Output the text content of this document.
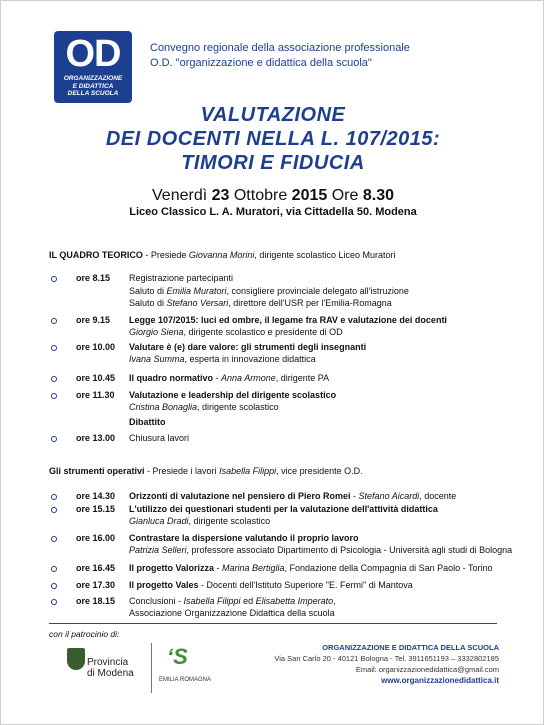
OD
ORGANIZZAZIONE
E DIDATTICA
DELLA SCUOLA
Convegno regionale della associazione professionale
O.D. "organizzazione e didattica della scuola"
VALUTAZIONE
DEI DOCENTI NELLA L. 107/2015:
TIMORI E FIDUCIA
Venerdì 23 Ottobre 2015 Ore 8.30
Liceo Classico L. A. Muratori, via Cittadella 50. Modena
IL QUADRO TEORICO - Presiede Giovanna Morini, dirigente scolastico Liceo Muratori
ore 8.15 Registrazione partecipanti
Saluto di Emilia Muratori, consigliere provinciale delegato all'istruzione
Saluto di Stefano Versari, direttore dell'USR per l'Emilia-Romagna
ore 9.15 Legge 107/2015: luci ed ombre, il legame fra RAV e valutazione dei docenti
Giorgio Siena, dirigente scolastico e presidente di OD
ore 10.00 Valutare è (e) dare valore: gli strumenti degli insegnanti
Ivana Summa, esperta in innovazione didattica
ore 10.45 Il quadro normativo - Anna Armone, dirigente PA
ore 11.30 Valutazione e leadership del dirigente scolastico
Cristina Bonaglia, dirigente scolastico
Dibattito
ore 13.00 Chiusura lavori
Gli strumenti operativi - Presiede i lavori Isabella Filippi, vice presidente O.D.
ore 14.30 Orizzonti di valutazione nel pensiero di Piero Romei - Stefano Aicardi, docente
ore 15.15 L'utilizzo dei questionari studenti per la valutazione dell'attività didattica
Gianluca Dradi, dirigente scolastico
ore 16.00 Contrastare la dispersione valutando il proprio lavoro
Patrizia Selleri, professore associato Dipartimento di Psicologia - Università agli studi di Bologna
ore 16.45 Il progetto Valorizza - Marina Bertiglia, Fondazione della Compagnia di San Paolo - Torino
ore 17.30 Il progetto Vales - Docenti dell'Istituto Superiore "E. Fermi" di Mantova
ore 18.15 Conclusioni - Isabella Filippi ed Elisabetta Imperato,
Associazione Organizzazione Didattica della scuola
con il patrocinio di:
Provincia
di Modena
ʻS
EMILIA ROMAGNA
ORGANIZZAZIONE E DIDATTICA DELLA SCUOLA
Via San Carlo 20 - 40121 Bologna - Tel. 3911651193 – 3332802185
Email: organizzazionedidattica@gmail.com
www.organizzazionedidattica.it
